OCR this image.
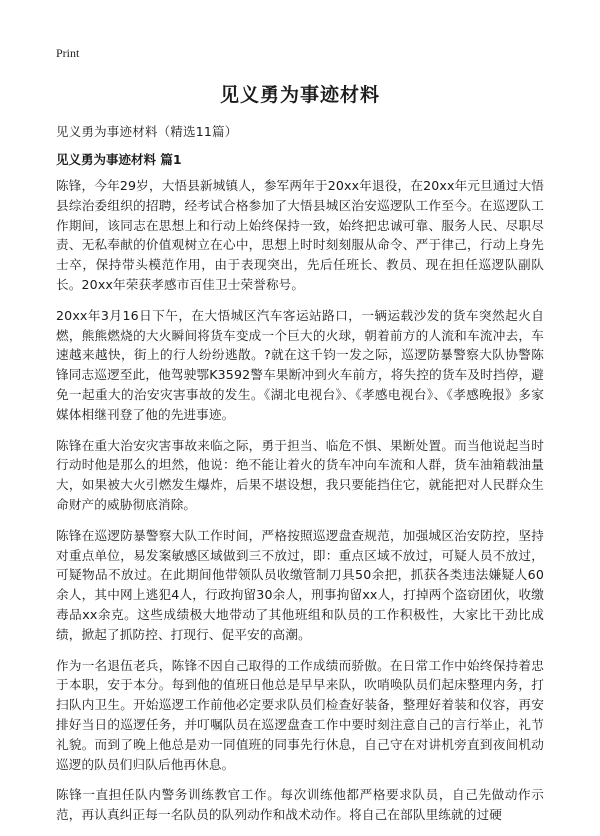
Print
见义勇为事迹材料
见义勇为事迹材料（精选11篇）
见义勇为事迹材料 篇1

陈锋，今年29岁，大悟县新城镇人，参军两年于20xx年退役，在20xx年元旦通过大悟县综治委组织的招聘，经考试合格参加了大悟县城区治安巡逻队工作至今。在巡逻队工作期间，该同志在思想上和行动上始终保持一致，始终把忠诚可靠、服务人民、尽职尽责、无私奉献的价值观树立在心中，思想上时时刻刻服从命令、严于律己，行动上身先士卒，保持带头模范作用，由于表现突出，先后任班长、教员、现在担任巡逻队副队长。20xx年荣获孝感市百佳卫士荣誉称号。

20xx年3月16日下午，在大悟城区汽车客运站路口，一辆运载沙发的货车突然起火自燃，熊熊燃烧的大火瞬间将货车变成一个巨大的火球，朝着前方的人流和车流冲去，车速越来越快，街上的行人纷纷逃散。?就在这千钧一发之际，巡逻防暴警察大队协警陈锋同志巡逻至此，他驾驶鄂K3592警车果断冲到火车前方，将失控的货车及时挡停，避免一起重大的治安灾害事故的发生。《湖北电视台》、《孝感电视台》、《孝感晚报》多家媒体相继刊登了他的先进事迹。

陈锋在重大治安灾害事故来临之际，勇于担当、临危不惧、果断处置。而当他说起当时行动时他是那么的坦然，他说：绝不能让着火的货车冲向车流和人群，货车油箱载油量大，如果被大火引燃发生爆炸，后果不堪设想，我只要能挡住它，就能把对人民群众生命财产的威胁彻底消除。

陈锋在巡逻防暴警察大队工作时间，严格按照巡逻盘查规范，加强城区治安防控，坚持对重点单位，易发案敏感区域做到三不放过，即：重点区域不放过，可疑人员不放过，可疑物品不放过。在此期间他带领队员收缴管制刀具50余把，抓获各类违法嫌疑人60余人，其中网上逃犯4人，行政拘留30余人，刑事拘留xx人，打掉两个盗窃团伙，收缴毒品xx余克。这些成绩极大地带动了其他班组和队员的工作积极性，大家比干劲比成绩，掀起了抓防控、打现行、促平安的高潮。

作为一名退伍老兵，陈锋不因自己取得的工作成绩而骄傲。在日常工作中始终保持着忠于本职，安于本分。每到他的值班日他总是早早来队，吹哨唤队员们起床整理内务，打扫队内卫生。开始巡逻工作前他必定要求队员们检查好装备，整理好着装和仪容，再安排好当日的巡逻任务，并叮嘱队员在巡逻盘查工作中要时刻注意自己的言行举止，礼节礼貌。而到了晚上他总是劝一同值班的同事先行休息，自己守在对讲机旁直到夜间机动巡逻的队员们归队后他再休息。

陈锋一直担任队内警务训练教官工作。每次训练他都严格要求队员，自己先做动作示范，再认真纠正每一名队员的队列动作和战术动作。将自己在部队里练就的过硬
